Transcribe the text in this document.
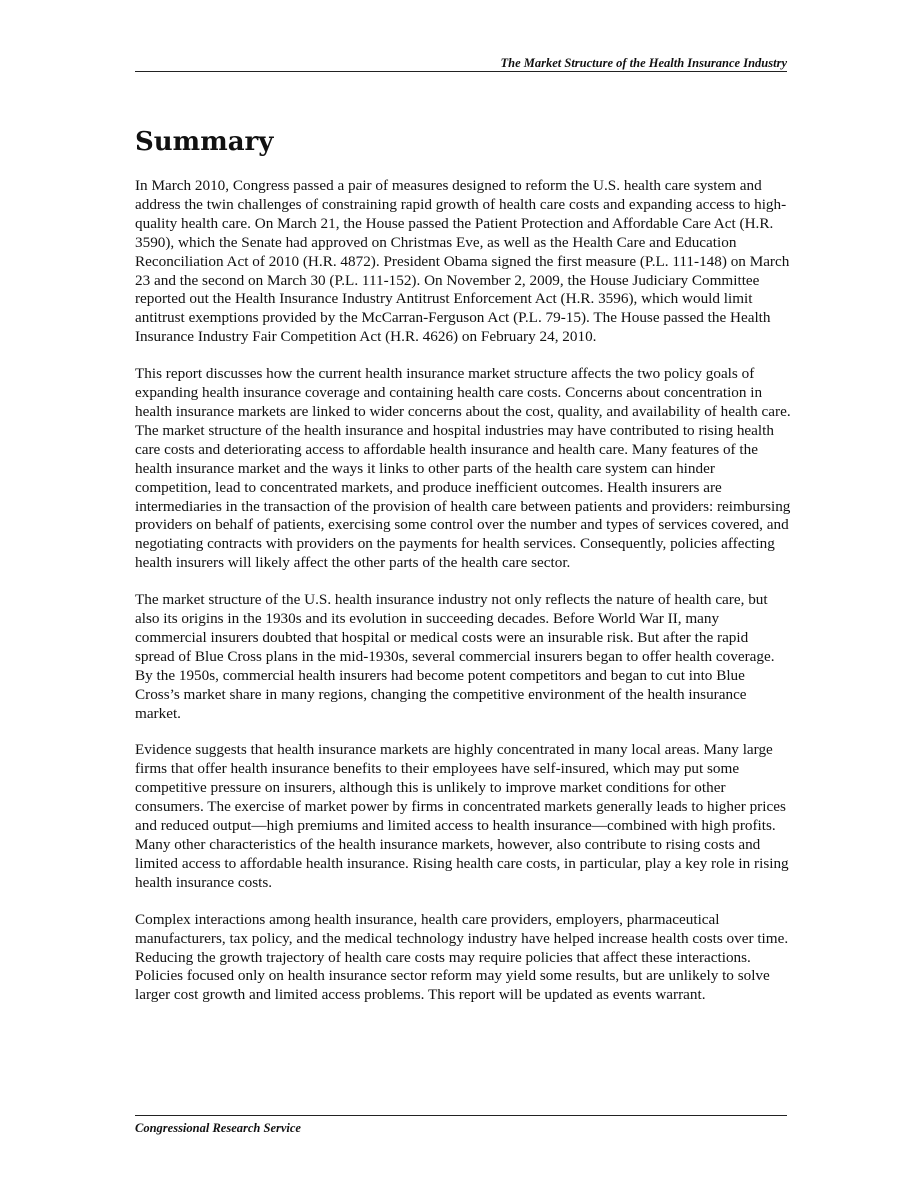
The Market Structure of the Health Insurance Industry
Summary

In March 2010, Congress passed a pair of measures designed to reform the U.S. health care system and address the twin challenges of constraining rapid growth of health care costs and expanding access to high-quality health care. On March 21, the House passed the Patient Protection and Affordable Care Act (H.R. 3590), which the Senate had approved on Christmas Eve, as well as the Health Care and Education Reconciliation Act of 2010 (H.R. 4872). President Obama signed the first measure (P.L. 111-148) on March 23 and the second on March 30 (P.L. 111-152). On November 2, 2009, the House Judiciary Committee reported out the Health Insurance Industry Antitrust Enforcement Act (H.R. 3596), which would limit antitrust exemptions provided by the McCarran-Ferguson Act (P.L. 79-15). The House passed the Health Insurance Industry Fair Competition Act (H.R. 4626) on February 24, 2010.

This report discusses how the current health insurance market structure affects the two policy goals of expanding health insurance coverage and containing health care costs. Concerns about concentration in health insurance markets are linked to wider concerns about the cost, quality, and availability of health care. The market structure of the health insurance and hospital industries may have contributed to rising health care costs and deteriorating access to affordable health insurance and health care. Many features of the health insurance market and the ways it links to other parts of the health care system can hinder competition, lead to concentrated markets, and produce inefficient outcomes. Health insurers are intermediaries in the transaction of the provision of health care between patients and providers: reimbursing providers on behalf of patients, exercising some control over the number and types of services covered, and negotiating contracts with providers on the payments for health services. Consequently, policies affecting health insurers will likely affect the other parts of the health care sector.

The market structure of the U.S. health insurance industry not only reflects the nature of health care, but also its origins in the 1930s and its evolution in succeeding decades. Before World War II, many commercial insurers doubted that hospital or medical costs were an insurable risk. But after the rapid spread of Blue Cross plans in the mid-1930s, several commercial insurers began to offer health coverage. By the 1950s, commercial health insurers had become potent competitors and began to cut into Blue Cross’s market share in many regions, changing the competitive environment of the health insurance market.

Evidence suggests that health insurance markets are highly concentrated in many local areas. Many large firms that offer health insurance benefits to their employees have self-insured, which may put some competitive pressure on insurers, although this is unlikely to improve market conditions for other consumers. The exercise of market power by firms in concentrated markets generally leads to higher prices and reduced output—high premiums and limited access to health insurance—combined with high profits. Many other characteristics of the health insurance markets, however, also contribute to rising costs and limited access to affordable health insurance. Rising health care costs, in particular, play a key role in rising health insurance costs.

Complex interactions among health insurance, health care providers, employers, pharmaceutical manufacturers, tax policy, and the medical technology industry have helped increase health costs over time. Reducing the growth trajectory of health care costs may require policies that affect these interactions. Policies focused only on health insurance sector reform may yield some results, but are unlikely to solve larger cost growth and limited access problems. This report will be updated as events warrant.

Congressional Research Service
